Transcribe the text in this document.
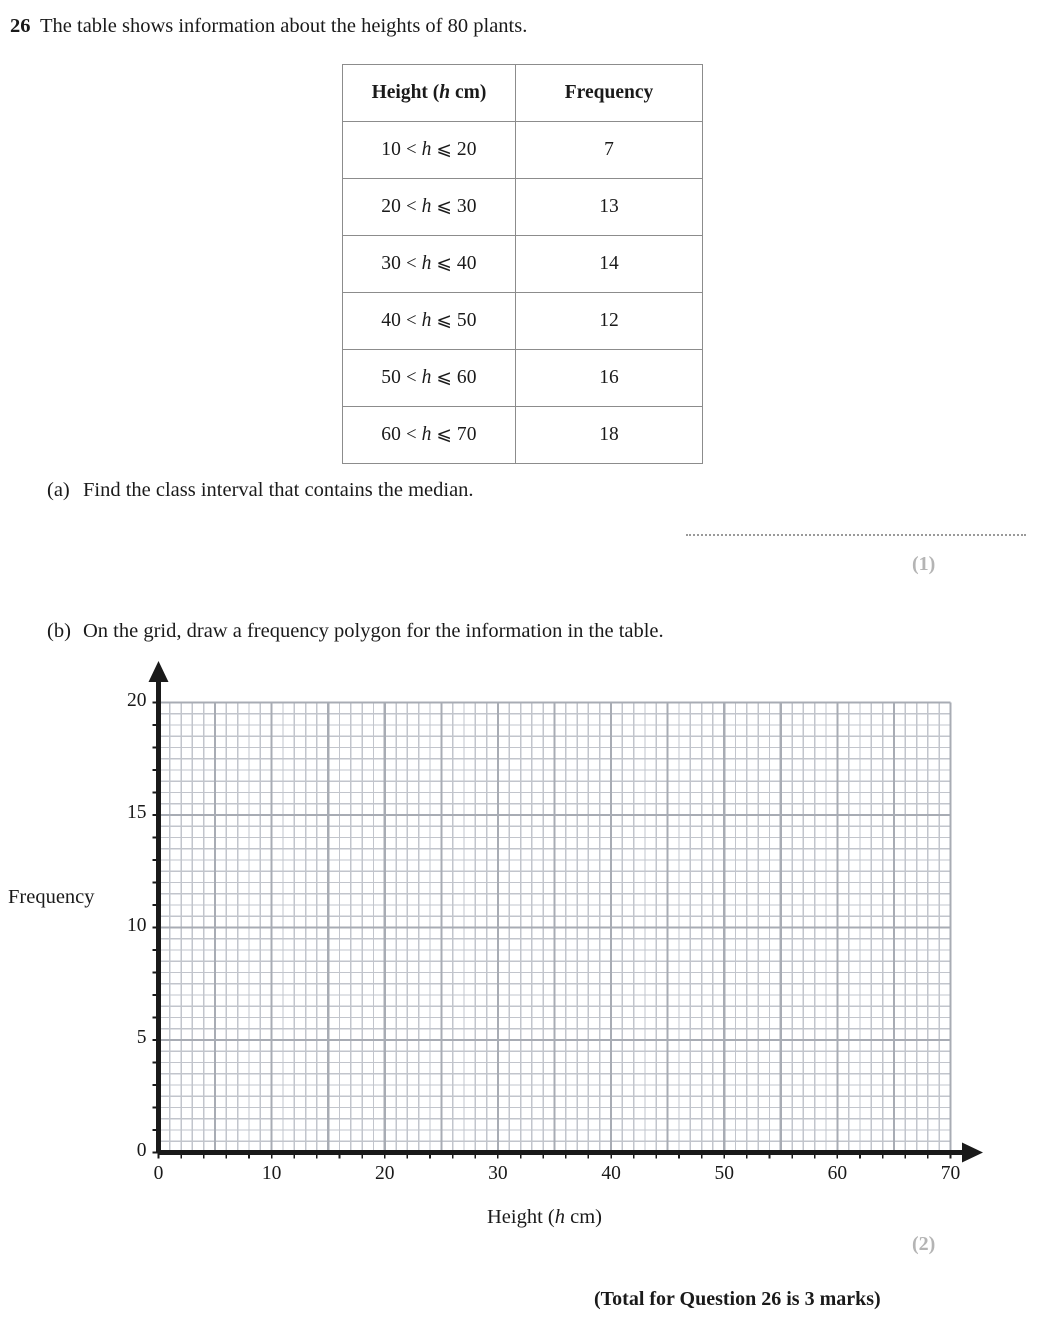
26 The table shows information about the heights of 80 plants.
Height (h cm)	Frequency
10 < h ⩽ 20	7
20 < h ⩽ 30	13
30 < h ⩽ 40	14
40 < h ⩽ 50	12
50 < h ⩽ 60	16
60 < h ⩽ 70	18
(a) Find the class interval that contains the median.
(1)
(b) On the grid, draw a frequency polygon for the information in the table.
Frequency
Height (h cm)
0
5
10
15
20
0	10	20	30	40	50	60	70
(2)
(Total for Question 26 is 3 marks)
